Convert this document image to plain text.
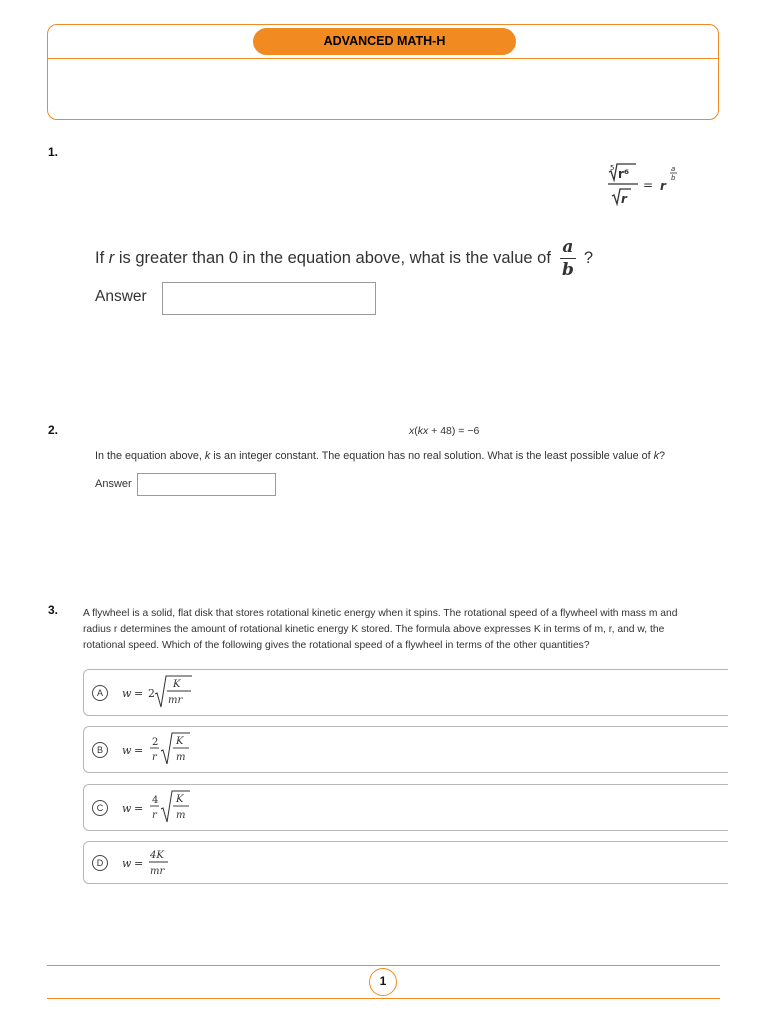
ADVANCED MATH-H
1.
5 r⁶
r
= r
a
b
If
r
is greater than 0 in the equation above, what is the value of $\frac{a}{b}$ ?
Answer
2.	x(kx + 48) = −6
In the equation above, k is an integer constant. The equation has no real solution. What is the least possible value of k?
Answer
3. A flywheel is a solid, flat disk that stores rotational kinetic energy when it spins. The rotational speed of a flywheel with mass m and
radius r determines the amount of rotational kinetic energy K stored. The formula above expresses K in terms of m, r, and w, the
rotational speed. Which of the following gives the rotational speed of a flywheel in terms of the other quantities?
A	w = 2
K
mr
B	w =
2
r
K
m
C	w =
4
r
K
m
D	w =
4K
mr
1
